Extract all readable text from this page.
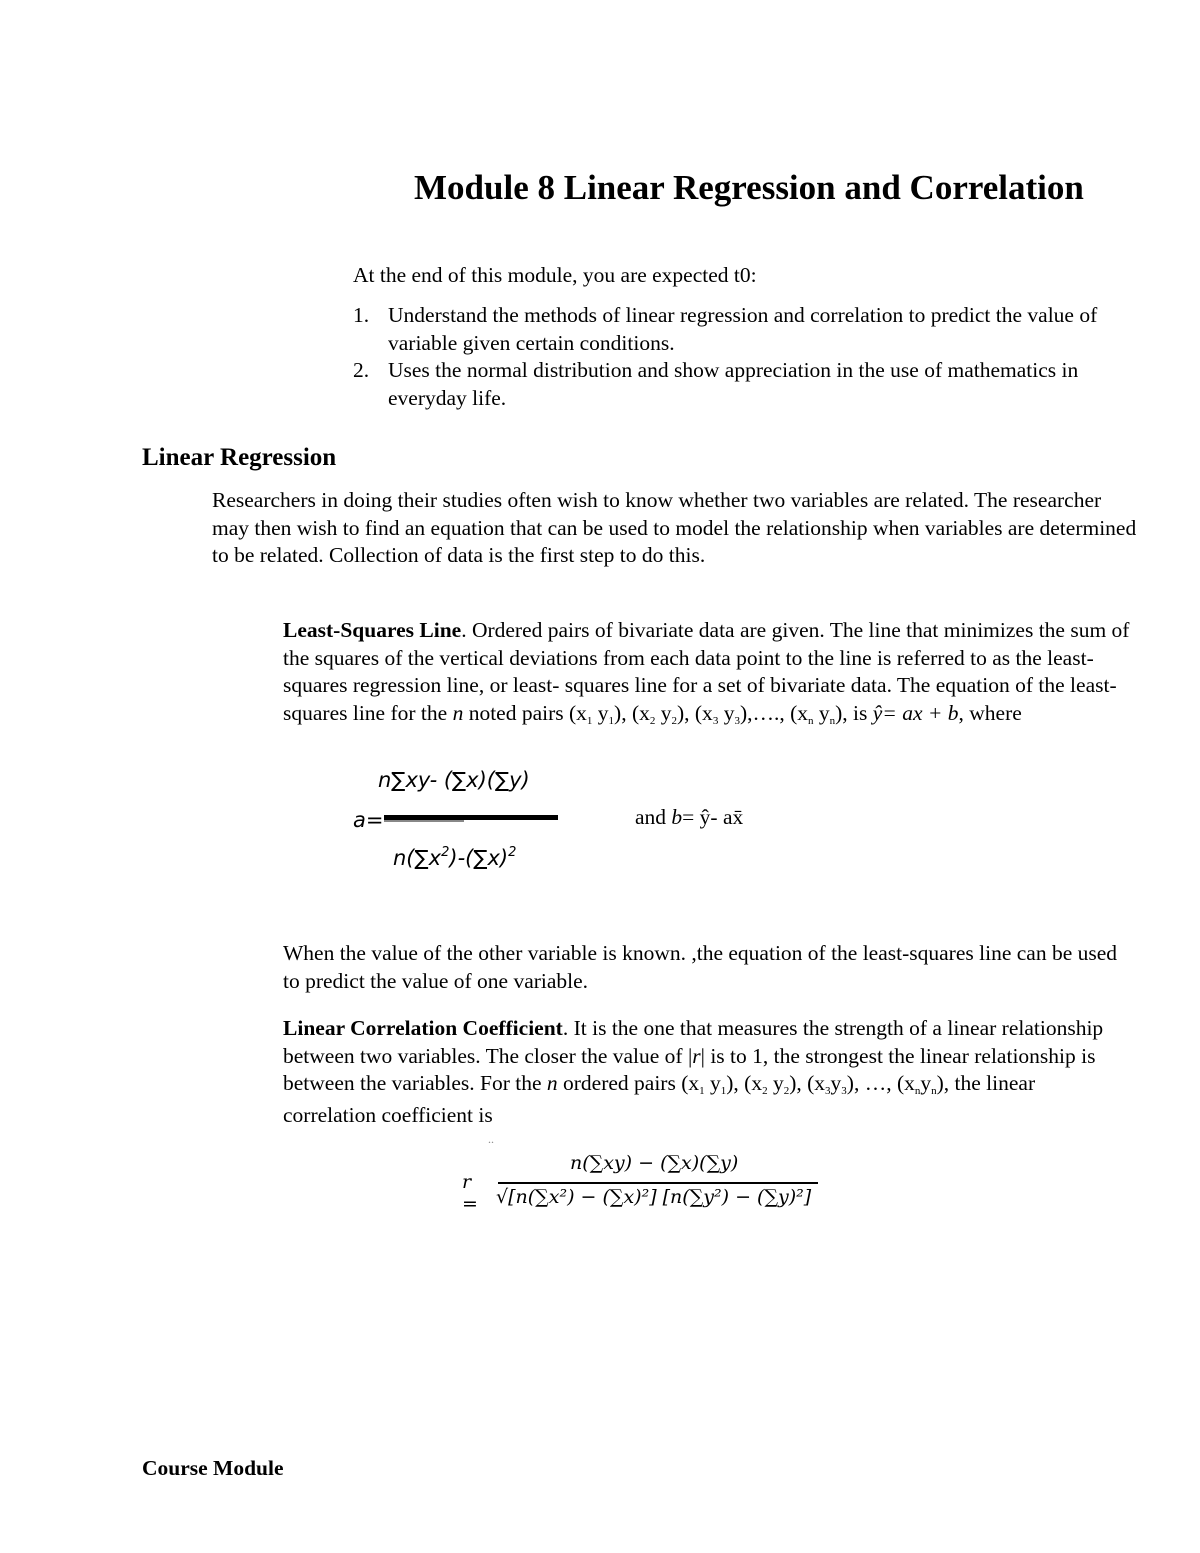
Module 8 Linear Regression and Correlation
At the end of this module, you are expected t0:
1. Understand the methods of linear regression and correlation to predict the value of variable given certain conditions.
2. Uses the normal distribution and show appreciation in the use of mathematics in everyday life.
Linear Regression
Researchers in doing their studies often wish to know whether two variables are related. The researcher may then wish to find an equation that can be used to model the relationship when variables are determined to be related. Collection of data is the first step to do this.
Least-Squares Line. Ordered pairs of bivariate data are given. The line that minimizes the sum of the squares of the vertical deviations from each data point to the line is referred to as the least-squares regression line, or least- squares line for a set of bivariate data. The equation of the least-squares line for the n noted pairs (x1 y1), (x2 y2), (x3 y3),…., (xn yn), is ŷ= ax + b, where
n∑xy- (∑x)(∑y)
a=
$n(\sum x^2)-(\sum x)^2$
and b= ŷ- ax̄
When the value of the other variable is known. ,the equation of the least-squares line can be used to predict the value of one variable.
Linear Correlation Coefficient. It is the one that measures the strength of a linear relationship between two variables. The closer the value of |r| is to 1, the strongest the linear relationship is between the variables. For the n ordered pairs (x1 y1), (x2 y2), (x3y3), …, (xnyn), the linear correlation coefficient is
..
r =
n(∑xy) − (∑x)(∑y)
√[n(∑x²) − (∑x)²] [n(∑y²) − (∑y)²]
Course Module
